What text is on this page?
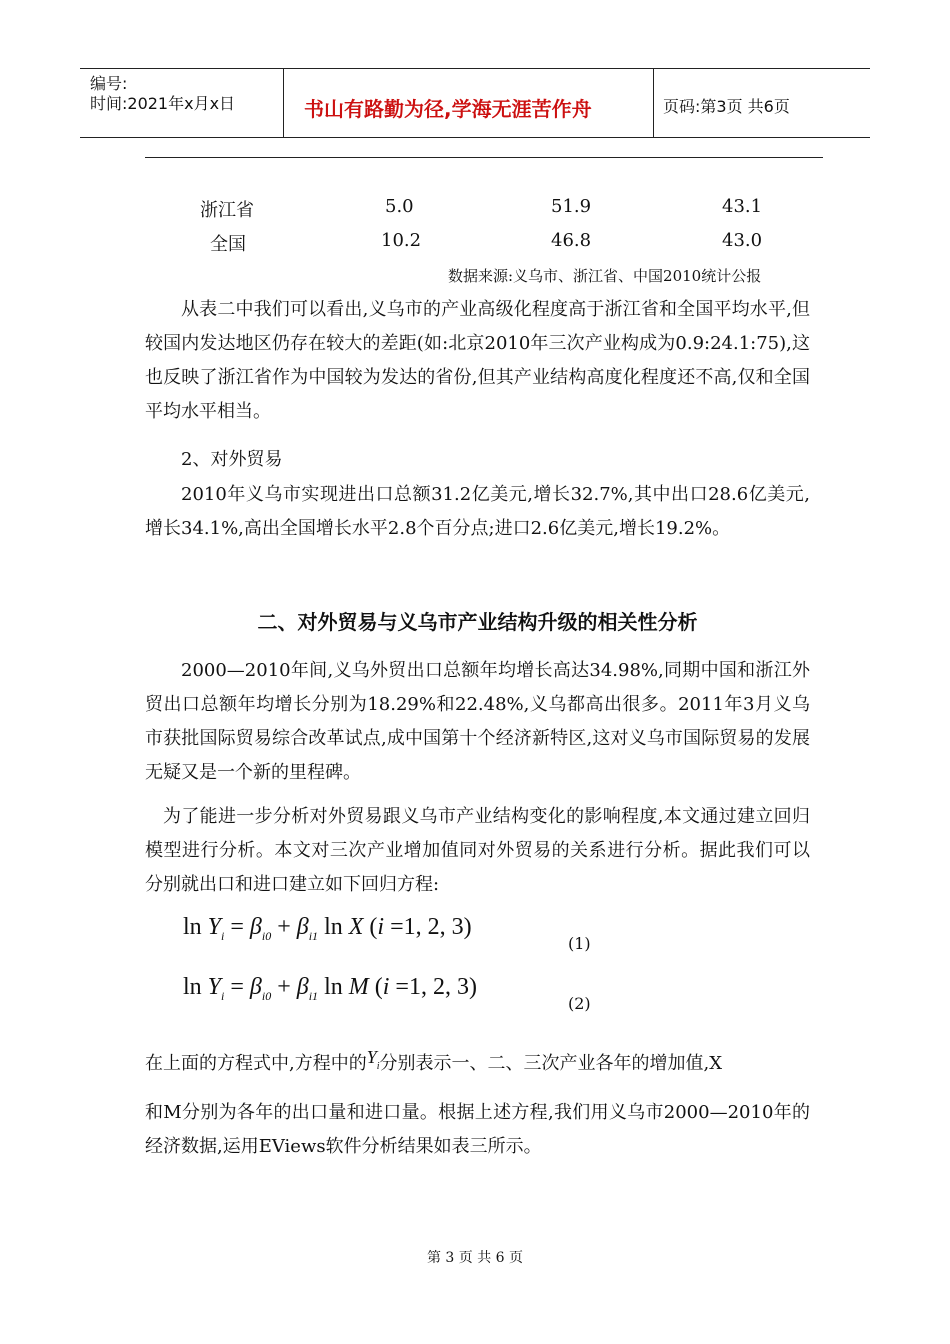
编号:
时间:2021年x月x日	书山有路勤为径,学海无涯苦作舟	页码:第3页 共6页
浙江省	5.0	51.9	43.1
全国	10.2	46.8	43.0
数据来源:义乌市、浙江省、中国2010统计公报
从表二中我们可以看出,义乌市的产业高级化程度高于浙江省和全国平均水平,但较国内发达地区仍存在较大的差距(如:北京2010年三次产业构成为0.9:24.1:75),这也反映了浙江省作为中国较为发达的省份,但其产业结构高度化程度还不高,仅和全国平均水平相当。
2、对外贸易
2010年义乌市实现进出口总额31.2亿美元,增长32.7%,其中出口28.6亿美元,增长34.1%,高出全国增长水平2.8个百分点;进口2.6亿美元,增长19.2%。
二、对外贸易与义乌市产业结构升级的相关性分析
2000—2010年间,义乌外贸出口总额年均增长高达34.98%,同期中国和浙江外贸出口总额年均增长分别为18.29%和22.48%,义乌都高出很多。2011年3月义乌市获批国际贸易综合改革试点,成中国第十个经济新特区,这对义乌市国际贸易的发展无疑又是一个新的里程碑。
为了能进一步分析对外贸易跟义乌市产业结构变化的影响程度,本文通过建立回归模型进行分析。本文对三次产业增加值同对外贸易的关系进行分析。据此我们可以分别就出口和进口建立如下回归方程:
$\ln Y_i = \beta_{i0} + \beta_{i1}$ ln X (i =1, 2, 3)
(1)
$\ln Y_i = \beta_{i0} + \beta_{i1}$ ln M (i =1, 2, 3)
(2)
在上面的方程式中,方程中的$Y_i$分别表示一、二、三次产业各年的增加值,X
和M分别为各年的出口量和进口量。根据上述方程,我们用义乌市2000—2010年的经济数据,运用EViews软件分析结果如表三所示。
第 3 页 共 6 页
